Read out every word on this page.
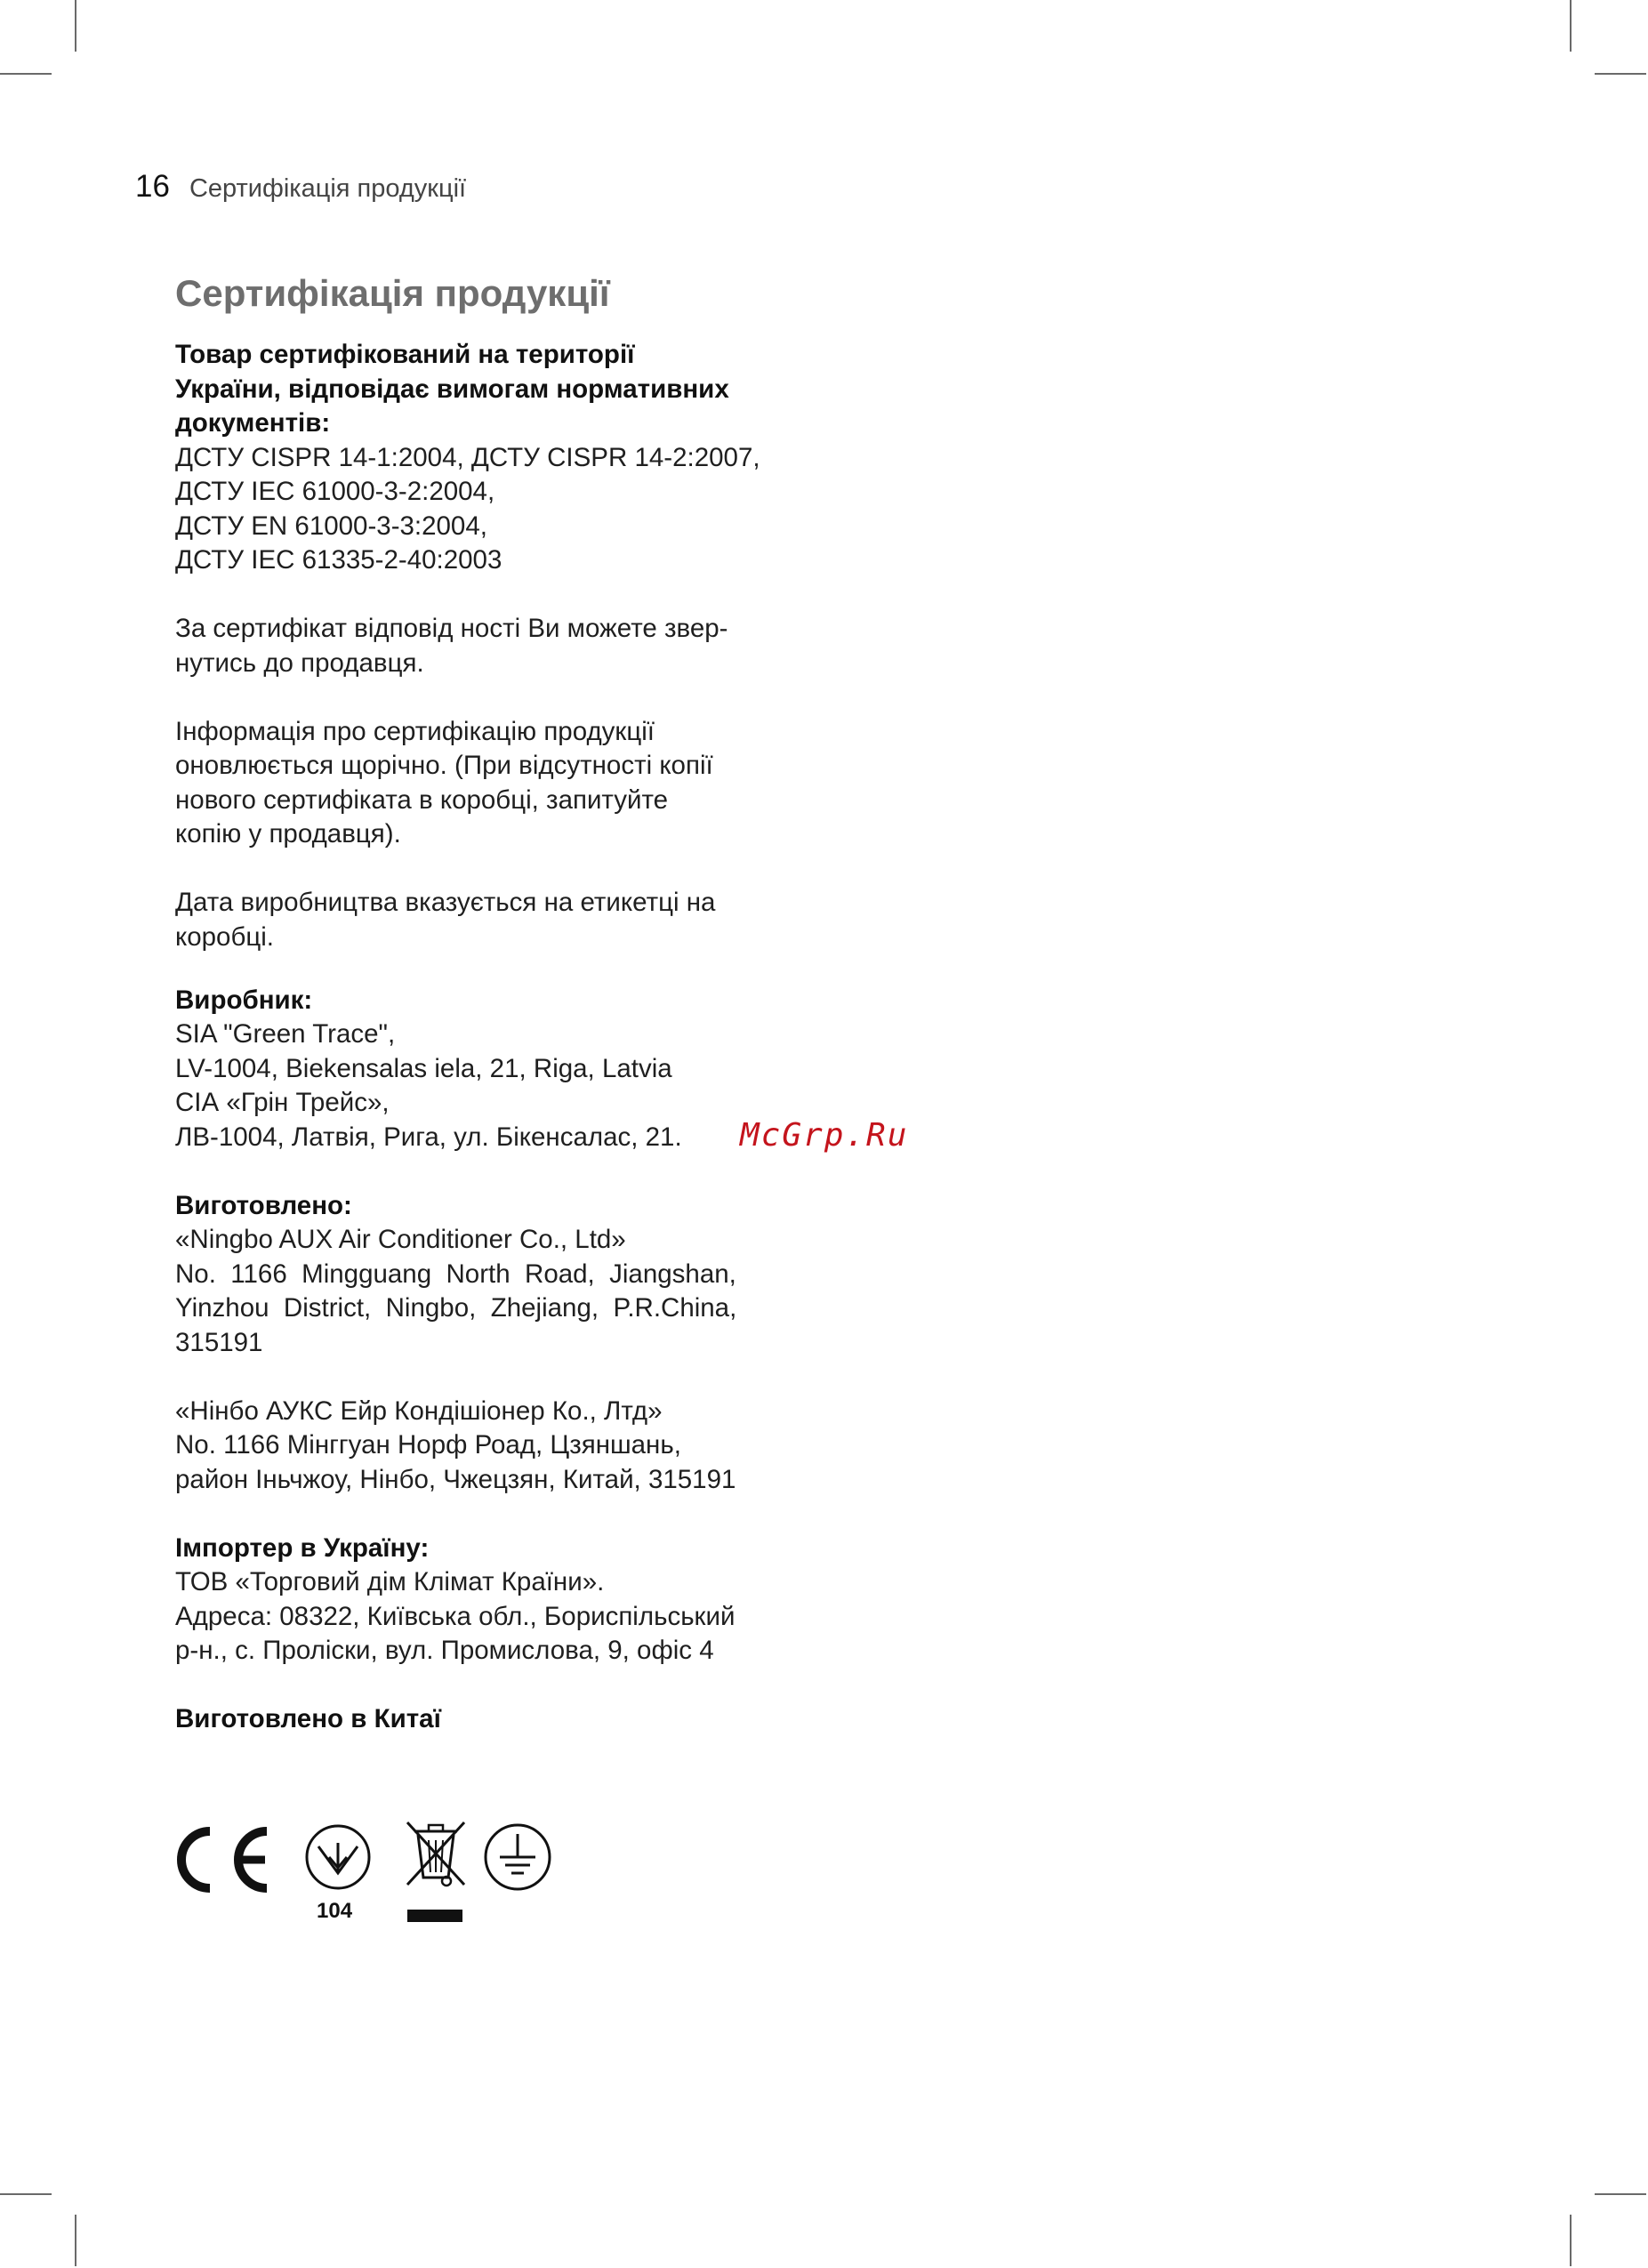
16 Сертифікація продукції
Сертифікація продукції

Товар сертифікований на території

України, відповідає вимогам нормативних

документів:

ДСТУ CISPR 14-1:2004, ДСТУ CISPR 14-2:2007,

ДСТУ IEC 61000-3-2:2004,

ДСТУ EN 61000-3-3:2004,

ДСТУ IEC 61335-2-40:2003

За сертифікат відповід ності Ви можете звер-

нутись до продавця.

Інформація про сертифікацію продукції

оновлюється щорічно. (При відсутності копії

нового сертифіката в коробці, запитуйте

копію у продавця).

Дата виробництва вказується на етикетці на

коробці.

Виробник:

SIA "Green Trace",

LV-1004, Biekensalas iela, 21, Riga, Latvia

СІА «Грін Трейс»,

ЛВ-1004, Латвія, Рига, ул. Бікенсалас, 21.

Виготовлено:

«Ningbo AUX Air Conditioner Co., Ltd»

No.  1166  Mingguang  North  Road,  Jiangshan,

Yinzhou  District,  Ningbo,  Zhejiang,  P.R.China,

315191

«Нінбо АУКС Ейр Кондішіонер Ко., Лтд»

No. 1166 Мінггуан Норф Роад, Цзяншань,

район Іньчжоу, Нінбо, Чжецзян, Китай, 315191

Імпортер в Україну:

ТОВ «Торговий дім Клімат Країни».

Адреса: 08322, Київська обл., Бориспільський

р-н., с. Пролiски, вул. Промислова, 9, офіс 4

Виготовлено в Китаї

McGrp.Ru
104
